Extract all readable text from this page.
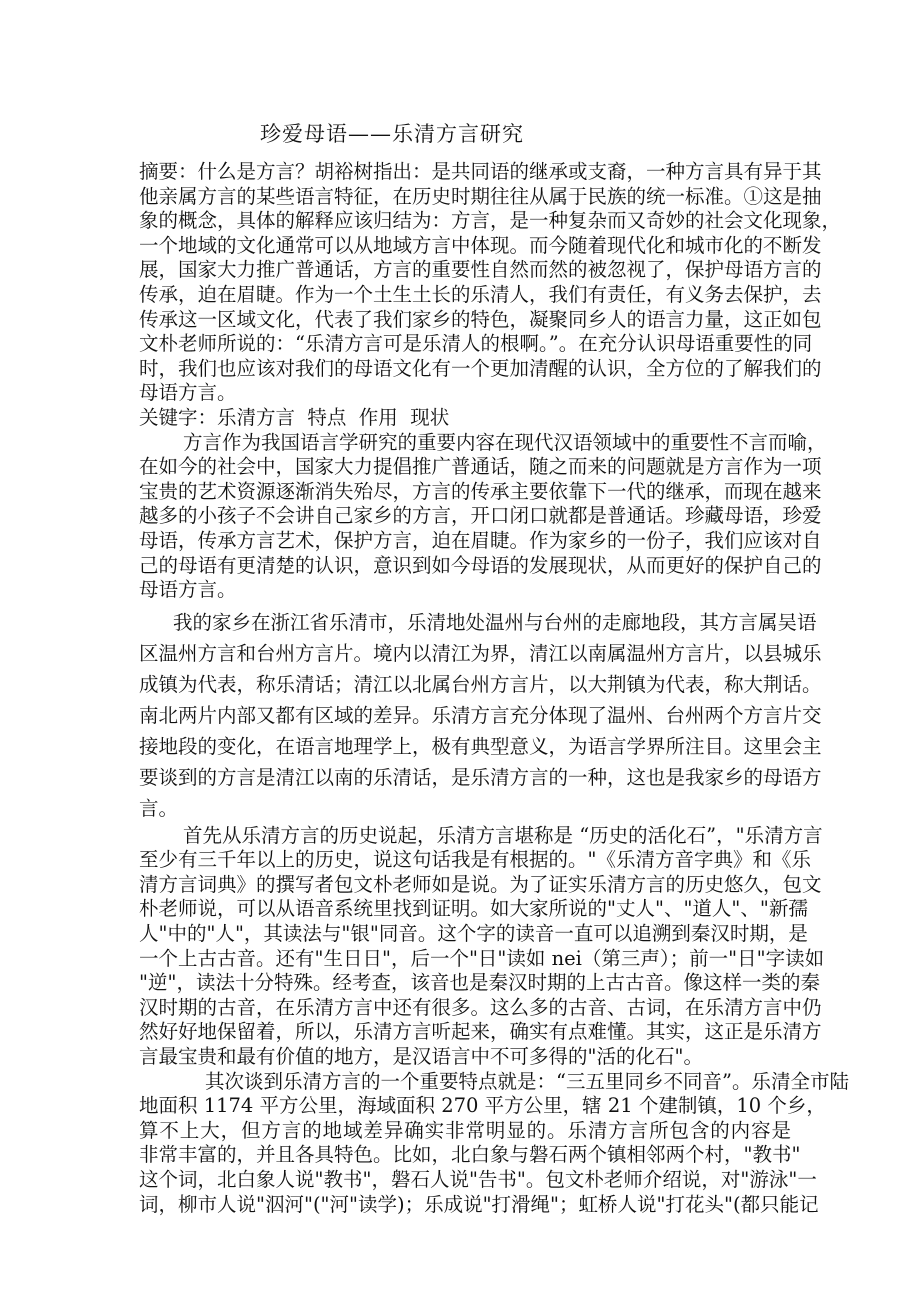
珍爱母语——乐清方言研究
摘要：什么是方言？胡裕树指出：是共同语的继承或支裔，一种方言具有异于其
他亲属方言的某些语言特征，在历史时期往往从属于民族的统一标准。①这是抽
象的概念，具体的解释应该归结为：方言，是一种复杂而又奇妙的社会文化现象，
一个地域的文化通常可以从地域方言中体现。而今随着现代化和城市化的不断发
展，国家大力推广普通话，方言的重要性自然而然的被忽视了，保护母语方言的
传承，迫在眉睫。作为一个土生土长的乐清人，我们有责任，有义务去保护，去
传承这一区域文化，代表了我们家乡的特色，凝聚同乡人的语言力量，这正如包
文朴老师所说的：“乐清方言可是乐清人的根啊。”。在充分认识母语重要性的同
时，我们也应该对我们的母语文化有一个更加清醒的认识，全方位的了解我们的
母语方言。
关键字：乐清方言  特点  作用  现状
方言作为我国语言学研究的重要内容在现代汉语领域中的重要性不言而喻，
在如今的社会中，国家大力提倡推广普通话，随之而来的问题就是方言作为一项
宝贵的艺术资源逐渐消失殆尽，方言的传承主要依靠下一代的继承，而现在越来
越多的小孩子不会讲自己家乡的方言，开口闭口就都是普通话。珍藏母语，珍爱
母语，传承方言艺术，保护方言，迫在眉睫。作为家乡的一份子，我们应该对自
己的母语有更清楚的认识，意识到如今母语的发展现状，从而更好的保护自己的
母语方言。
我的家乡在浙江省乐清市，乐清地处温州与台州的走廊地段，其方言属吴语
区温州方言和台州方言片。境内以清江为界，清江以南属温州方言片，以县城乐
成镇为代表，称乐清话；清江以北属台州方言片，以大荆镇为代表，称大荆话。
南北两片内部又都有区域的差异。乐清方言充分体现了温州、台州两个方言片交
接地段的变化，在语言地理学上，极有典型意义，为语言学界所注目。这里会主
要谈到的方言是清江以南的乐清话，是乐清方言的一种，这也是我家乡的母语方
言。
首先从乐清方言的历史说起，乐清方言堪称是 “历史的活化石”，"乐清方言
至少有三千年以上的历史，说这句话我是有根据的。"《乐清方音字典》和《乐
清方言词典》的撰写者包文朴老师如是说。为了证实乐清方言的历史悠久，包文
朴老师说，可以从语音系统里找到证明。如大家所说的"丈人"、"道人"、"新孺
人"中的"人"，其读法与"银"同音。这个字的读音一直可以追溯到秦汉时期，是
一个上古古音。还有"生日日"，后一个"日"读如 nei（第三声）；前一"日"字读如
"逆"，读法十分特殊。经考查，该音也是秦汉时期的上古古音。像这样一类的秦
汉时期的古音，在乐清方言中还有很多。这么多的古音、古词，在乐清方言中仍
然好好地保留着，所以，乐清方言听起来，确实有点难懂。其实，这正是乐清方
言最宝贵和最有价值的地方，是汉语言中不可多得的"活的化石"。
其次谈到乐清方言的一个重要特点就是：“三五里同乡不同音”。乐清全市陆
地面积 1174 平方公里，海域面积 270 平方公里，辖 21 个建制镇，10 个乡，
算不上大，但方言的地域差异确实非常明显的。乐清方言所包含的内容是
非常丰富的，并且各具特色。比如，北白象与磐石两个镇相邻两个村，"教书"
这个词，北白象人说"教书"，磐石人说"告书"。包文朴老师介绍说，对"游泳"一
词，柳市人说"泅河"("河"读学)；乐成说"打滑绳"；虹桥人说"打花头"(都只能记
